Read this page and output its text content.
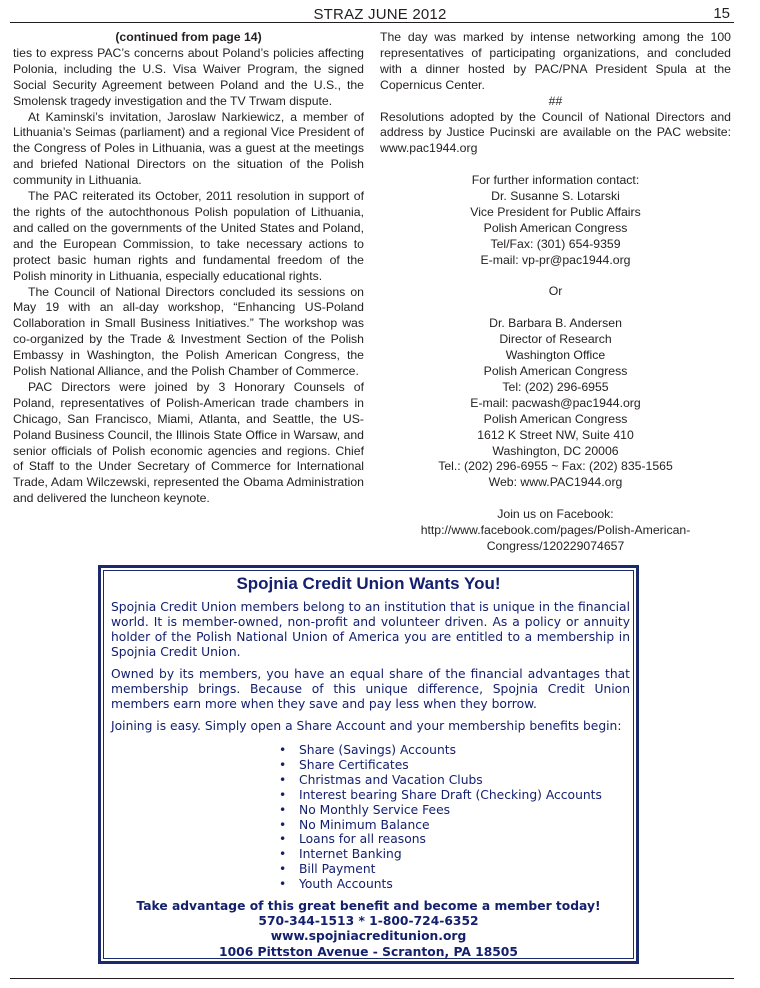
STRAZ JUNE 2012	15

(continued from page 14)

ties to express PAC’s concerns about Poland’s policies affecting Polonia, including the U.S. Visa Waiver Program, the signed Social Security Agreement between Poland and the U.S., the Smolensk tragedy investigation and the TV Trwam dispute.

At Kaminski’s invitation, Jaroslaw Narkiewicz, a member of Lithuania’s Seimas (parliament) and a regional Vice President of the Congress of Poles in Lithuania, was a guest at the meetings and briefed National Directors on the situation of the Polish community in Lithuania.

The PAC reiterated its October, 2011 resolution in support of the rights of the autochthonous Polish population of Lithuania, and called on the governments of the United States and Poland, and the European Commission, to take necessary actions to protect basic human rights and fundamental freedom of the Polish minority in Lithuania, especially educational rights.

The Council of National Directors concluded its sessions on May 19 with an all-day workshop, “Enhancing US-Poland Collaboration in Small Business Initiatives.” The workshop was co-organized by the Trade & Investment Section of the Polish Embassy in Washington, the Polish American Congress, the Polish National Alliance, and the Polish Chamber of Commerce.

PAC Directors were joined by 3 Honorary Counsels of Poland, representatives of Polish-American trade chambers in Chicago, San Francisco, Miami, Atlanta, and Seattle, the US-Poland Business Council, the Illinois State Office in Warsaw, and senior officials of Polish economic agencies and regions. Chief of Staff to the Under Secretary of Commerce for International Trade, Adam Wilczewski, represented the Obama Administration and delivered the luncheon keynote.

The day was marked by intense networking among the 100 representatives of participating organizations, and concluded with a dinner hosted by PAC/PNA President Spula at the Copernicus Center.

##

Resolutions adopted by the Council of National Directors and address by Justice Pucinski are available on the PAC website: www.pac1944.org

For further information contact:

Dr. Susanne S. Lotarski

Vice President for Public Affairs

Polish American Congress

Tel/Fax: (301) 654-9359

E-mail: vp-pr@pac1944.org

Or

Dr. Barbara B. Andersen

Director of Research

Washington Office

Polish American Congress

Tel: (202) 296-6955

E-mail: pacwash@pac1944.org

Polish American Congress

1612 K Street NW, Suite 410

Washington, DC 20006

Tel.: (202) 296-6955 ~ Fax: (202) 835-1565

Web: www.PAC1944.org

Join us on Facebook:

http://www.facebook.com/pages/Polish-American-Congress/120229074657

Spojnia Credit Union Wants You!

Spojnia Credit Union members belong to an institution that is unique in the financial world. It is member-owned, non-profit and volunteer driven. As a policy or annuity holder of the Polish National Union of America you are entitled to a membership in Spojnia Credit Union.

Owned by its members, you have an equal share of the financial advantages that membership brings. Because of this unique difference, Spojnia Credit Union members earn more when they save and pay less when they borrow.

Joining is easy. Simply open a Share Account and your membership benefits begin:

• Share (Savings) Accounts
• Share Certificates
• Christmas and Vacation Clubs
• Interest bearing Share Draft (Checking) Accounts
• No Monthly Service Fees
• No Minimum Balance
• Loans for all reasons
• Internet Banking
• Bill Payment
• Youth Accounts
Take advantage of this great benefit and become a member today!
570-344-1513 * 1-800-724-6352
www.spojniacreditunion.org
1006 Pittston Avenue - Scranton, PA 18505
